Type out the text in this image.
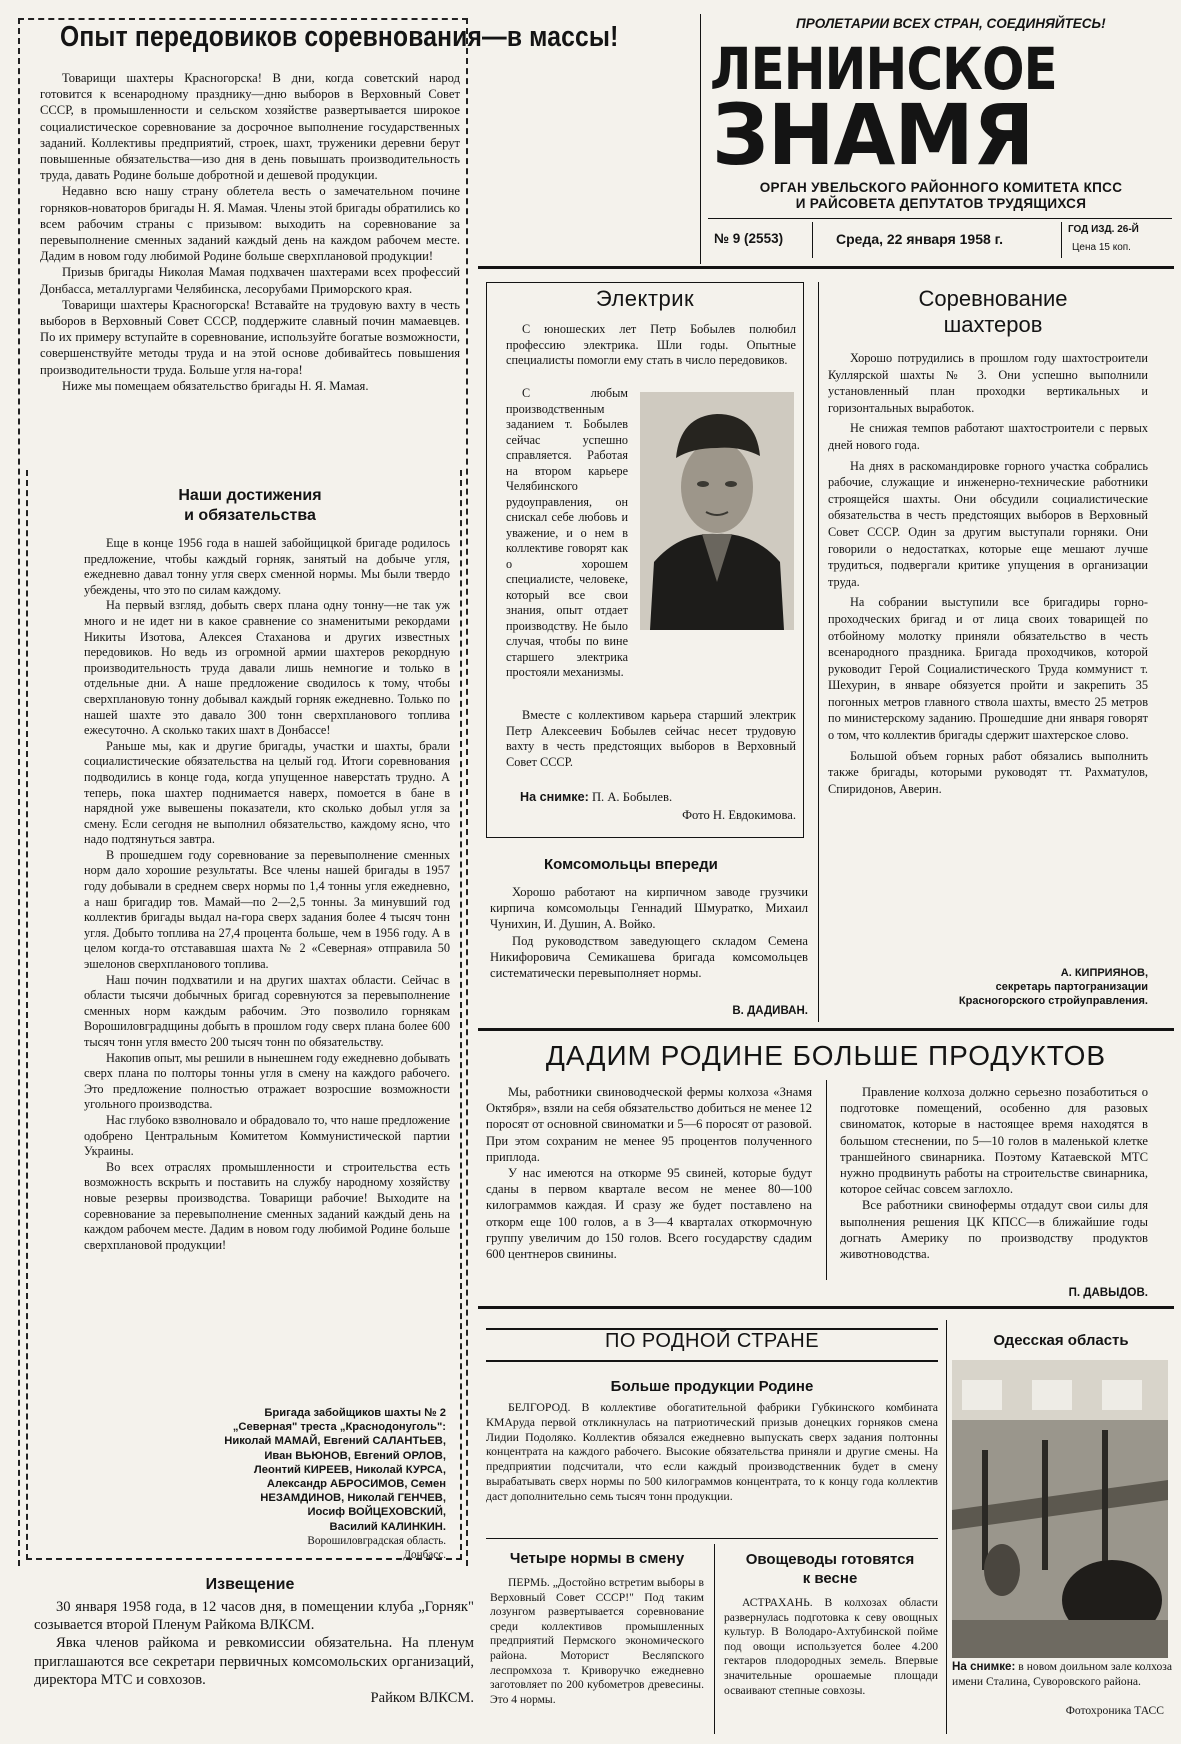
Опыт передовиков соревнования—в массы!

Товарищи шахтеры Красногорска! В дни, когда советский народ готовится к всенародному празднику—дню выборов в Верховный Совет СССР, в промышленности и сельском хозяйстве развертывается широкое социалистическое соревнование за досрочное выполнение государственных заданий. Коллективы предприятий, строек, шахт, труженики деревни берут повышенные обязательства—изо дня в день повышать производительность труда, давать Родине больше добротной и дешевой продукции.

Недавно всю нашу страну облетела весть о замечательном почине горняков-новаторов бригады Н. Я. Мамая. Члены этой бригады обратились ко всем рабочим страны с призывом: выходить на соревнование за перевыполнение сменных заданий каждый день на каждом рабочем месте. Дадим в новом году любимой Родине больше сверхплановой продукции!

Призыв бригады Николая Мамая подхвачен шахтерами всех профессий Донбасса, металлургами Челябинска, лесорубами Приморского края.

Товарищи шахтеры Красногорска! Вставайте на трудовую вахту в честь выборов в Верховный Совет СССР, поддержите славный почин мамаевцев. По их примеру вступайте в соревнование, используйте богатые возможности, совершенствуйте методы труда и на этой основе добивайтесь повышения производительности труда. Больше угля на-гора!

Ниже мы помещаем обязательство бригады Н. Я. Мамая.

Наши достижения
и обязательства

Еще в конце 1956 года в нашей забойщицкой бригаде родилось предложение, чтобы каждый горняк, занятый на добыче угля, ежедневно давал тонну угля сверх сменной нормы. Мы были твердо убеждены, что это по силам каждому.

На первый взгляд, добыть сверх плана одну тонну—не так уж много и не идет ни в какое сравнение со знаменитыми рекордами Никиты Изотова, Алексея Стаханова и других известных передовиков. Но ведь из огромной армии шахтеров рекордную производительность труда давали лишь немногие и только в отдельные дни. А наше предложение сводилось к тому, чтобы сверхплановую тонну добывал каждый горняк ежедневно. Только по нашей шахте это давало 300 тонн сверхпланового топлива ежесуточно. А сколько таких шахт в Донбассе!

Раньше мы, как и другие бригады, участки и шахты, брали социалистические обязательства на целый год. Итоги соревнования подводились в конце года, когда упущенное наверстать трудно. А теперь, пока шахтер поднимается наверх, помоется в бане в нарядной уже вывешены показатели, кто сколько добыл угля за смену. Если сегодня не выполнил обязательство, каждому ясно, что надо подтянуться завтра.

В прошедшем году соревнование за перевыполнение сменных норм дало хорошие результаты. Все члены нашей бригады в 1957 году добывали в среднем сверх нормы по 1,4 тонны угля ежедневно, а наш бригадир тов. Мамай—по 2—2,5 тонны. За минувший год коллектив бригады выдал на-гора сверх задания более 4 тысяч тонн угля. Добыто топлива на 27,4 процента больше, чем в 1956 году. А в целом когда-то отстававшая шахта № 2 «Северная» отправила 50 эшелонов сверхпланового топлива.

Наш почин подхватили и на других шахтах области. Сейчас в области тысячи добычных бригад соревнуются за перевыполнение сменных норм каждым рабочим. Это позволило горнякам Ворошиловградщины добыть в прошлом году сверх плана более 600 тысяч тонн угля вместо 200 тысяч тонн по обязательству.

Накопив опыт, мы решили в нынешнем году ежедневно добывать сверх плана по полторы тонны угля в смену на каждого рабочего. Это предложение полностью отражает возросшие возможности угольного производства.

Нас глубоко взволновало и обрадовало то, что наше предложение одобрено Центральным Комитетом Коммунистической партии Украины.

Во всех отраслях промышленности и строительства есть возможность вскрыть и поставить на службу народному хозяйству новые резервы производства. Товарищи рабочие! Выходите на соревнование за перевыполнение сменных заданий каждый день на каждом рабочем месте. Дадим в новом году любимой Родине больше сверхплановой продукции!

Бригада забойщиков шахты № 2
„Северная" треста „Краснодонуголь":
Николай МАМАЙ, Евгений САЛАНТЬЕВ,
Иван ВЬЮНОВ, Евгений ОРЛОВ,
Леонтий КИРЕЕВ, Николай КУРСА,
Александр АБРОСИМОВ, Семен
НЕЗАМДИНОВ, Николай ГЕНЧЕВ,
Иосиф ВОЙЦЕХОВСКИЙ,
Василий КАЛИНКИН.
Ворошиловградская область.
Донбасс.
Извещение

30 января 1958 года, в 12 часов дня, в помещении клуба „Горняк" созывается второй Пленум Райкома ВЛКСМ.

Явка членов райкома и ревкомиссии обязательна. На пленум приглашаются все секретари первичных комсомольских организаций, директора МТС и совхозов.

Райком ВЛКСМ.
ПРОЛЕТАРИИ ВСЕХ СТРАН, СОЕДИНЯЙТЕСЬ!
ЛЕНИНСКОЕ
ЗНАМЯ
ОРГАН УВЕЛЬСКОГО РАЙОННОГО КОМИТЕТА КПСС
И РАЙСОВЕТА ДЕПУТАТОВ ТРУДЯЩИХСЯ
№ 9 (2553)	Среда, 22 января 1958 г.
ГОД ИЗД. 26-Й
Цена 15 коп.
Электрик
С юношеских лет Петр Бобылев полюбил профессию электрика. Шли годы. Опытные специалисты помогли ему стать в число передовиков.
С любым производственным заданием т. Бобылев сейчас успешно справляется. Работая на втором карьере Челябинского рудоуправления, он снискал себе любовь и уважение, и о нем в коллективе говорят как о хорошем специалисте, человеке, который все свои знания, опыт отдает производству. Не было случая, чтобы по вине старшего электрика простояли механизмы.
Вместе с коллективом карьера старший электрик Петр Алексеевич Бобылев сейчас несет трудовую вахту в честь предстоящих выборов в Верховный Совет СССР.
На снимке: П. А. Бобылев.
Фото Н. Евдокимова.
Комсомольцы впереди

Хорошо работают на кирпичном заводе грузчики кирпича комсомольцы Геннадий Шмуратко, Михаил Чунихин, И. Душин, А. Войко.

Под руководством заведующего складом Семена Никифоровича Семикашева бригада комсомольцев систематически перевыполняет нормы.

В. ДАДИВАН.
Соревнование
шахтеров

Хорошо потрудились в прошлом году шахтостроители Куллярской шахты № 3. Они успешно выполнили установленный план проходки вертикальных и горизонтальных выработок.

Не снижая темпов работают шахтостроители с первых дней нового года.

На днях в раскомандировке горного участка собрались рабочие, служащие и инженерно-технические работники строящейся шахты. Они обсудили социалистические обязательства в честь предстоящих выборов в Верховный Совет СССР. Один за другим выступали горняки. Они говорили о недостатках, которые еще мешают лучше трудиться, подвергали критике упущения в организации труда.

На собрании выступили все бригадиры горно-проходческих бригад и от лица своих товарищей по отбойному молотку приняли обязательство в честь всенародного праздника. Бригада проходчиков, которой руководит Герой Социалистического Труда коммунист т. Шехурин, в январе обязуется пройти и закрепить 35 погонных метров главного ствола шахты, вместо 25 метров по министерскому заданию. Прошедшие дни января говорят о том, что коллектив бригады сдержит шахтерское слово.

Большой объем горных работ обязались выполнить также бригады, которыми руководят тт. Рахматулов, Спиридонов, Аверин.

А. КИПРИЯНОВ,
секретарь партогранизации
Красногорского стройуправления.
ДАДИМ РОДИНЕ БОЛЬШЕ ПРОДУКТОВ

Мы, работники свиноводческой фермы колхоза «Знамя Октября», взяли на себя обязательство добиться не менее 12 поросят от основной свиноматки и 5—6 поросят от разовой. При этом сохраним не менее 95 процентов полученного приплода.

У нас имеются на откорме 95 свиней, которые будут сданы в первом квартале весом не менее 80—100 килограммов каждая. И сразу же будет поставлено на откорм еще 100 голов, а в 3—4 кварталах откормочную группу увеличим до 150 голов. Всего государству сдадим 600 центнеров свинины.

Правление колхоза должно серьезно позаботиться о подготовке помещений, особенно для разовых свиноматок, которые в настоящее время находятся в большом стеснении, по 5—10 голов в маленькой клетке траншейного свинарника. Поэтому Катаевской МТС нужно продвинуть работы на строительстве свинарника, которое сейчас совсем заглохло.

Все работники свинофермы отдадут свои силы для выполнения решения ЦК КПСС—в ближайшие годы догнать Америку по производству продуктов животноводства.

П. ДАВЫДОВ.
ПО РОДНОЙ СТРАНЕ
Больше продукции Родине
БЕЛГОРОД. В коллективе обогатительной фабрики Губкинского комбината КМАруда первой откликнулась на патриотический призыв донецких горняков смена Лидии Подоляко. Коллектив обязался ежедневно выпускать сверх задания полтонны концентрата на каждого рабочего. Высокие обязательства приняли и другие смены. На предприятии подсчитали, что если каждый производственник будет в смену вырабатывать сверх нормы по 500 килограммов концентрата, то к концу года коллектив даст дополнительно семь тысяч тонн продукции.
Четыре нормы в смену
ПЕРМЬ. „Достойно встретим выборы в Верховный Совет СССР!" Под таким лозунгом развертывается соревнование среди коллективов промышленных предприятий Пермского экономического района. Моторист Весляпского леспромхоза т. Криворучко ежедневно заготовляет по 200 кубометров древесины. Это 4 нормы.
Овощеводы готовятся
к весне
АСТРАХАНЬ. В колхозах области развернулась подготовка к севу овощных культур. В Володаро-Ахтубинской пойме под овощи используется более 4.200 гектаров плодородных земель. Впервые значительные орошаемые площади осваивают степные совхозы.
Одесская область
На снимке: в новом доильном зале колхоза имени Сталина, Суворовского района.
Фотохроника ТАСС
